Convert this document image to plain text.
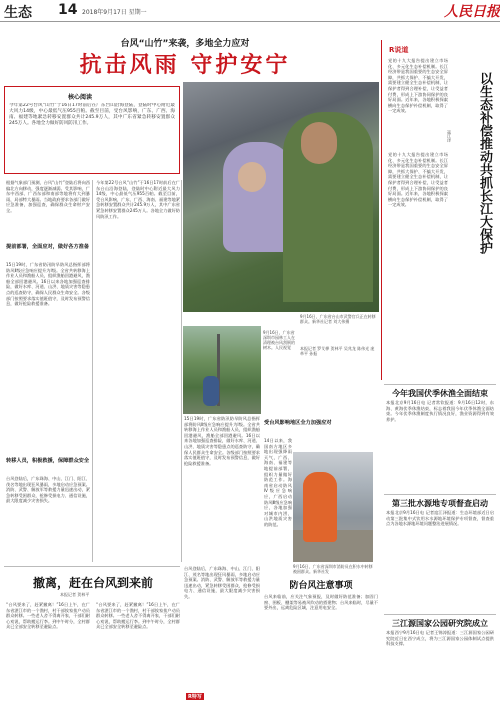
生态 14 2018年9月17日 星期一	人民日报
台风“山竹”来袭，多地全力应对
抗击风雨 守护安宁
核心阅读
今年第22号台风“山竹”于16日17时前后在广东台山沿海登陆，登陆时中心附近最大风力14级，中心最低气压955百帕。截至目前，受台风影响，广东、广西、海南、福建等地紧急转移安置群众共计245.9万人，其中广东省紧急转移安置群众245万人。各地全力做好防风防汛工作。
根据气象部门预测，台风“山竹”登陆后将向西偏北方向移动，强度逐渐减弱。受其影响，广东中西部、广西东部和南部等地将有大到暴雨，局部特大暴雨。当地政府要求各部门做好应急准备，加强巡查，确保群众生命财产安全。
提前部署，全面应对，做好各方准备
15日19时，广东省防汛防旱防风总指挥部将防风Ⅱ级应急响应提升为Ⅰ级。全省共转移海上作业人员和渔船人员，组织渔船回港避风，渔船全部回港避风。16日以来各地加强巡查排险，做好水库、河道、山洪、地质灾害等隐患点的巡查防守，确保人民群众生命安全。各级部门按照要求落实值班值守，及时发布预警信息，做好抢险救援准备。
转移人员，积极救援，保障群众安全
台风登陆后，广东珠海、中山、江门、阳江、茂名等地出现狂风暴雨，多地启动应急预案。消防、武警、解放军等救援力量迅速出动，紧急转移受困群众，抢修受损电力、通信设施，最大限度减少灾害损失。
今年第22号台风“山竹”于16日17时前后在广东台山沿海登陆，登陆时中心附近最大风力14级，中心最低气压955百帕。截至目前，受台风影响，广东、广西、海南、福建等地紧急转移安置群众共计245.9万人，其中广东省紧急转移安置群众245万人。各地全力做好防风防汛工作。
15日19时，广东省防汛防旱防风总指挥部将防风Ⅱ级应急响应提升为Ⅰ级。全省共转移海上作业人员和渔船人员，组织渔船回港避风，渔船全部回港避风。16日以来各地加强巡查排险，做好水库、河道、山洪、地质灾害等隐患点的巡查防守，确保人民群众生命安全。各级部门按照要求落实值班值守，及时发布预警信息，做好抢险救援准备。
9月16日，广东省台山市武警官兵正在转移群众。新华社记者 刘大伟摄
本报记者 罗艾桦 贺林平 吴兆龙 陈伟光 庞革平 孙振
9月16日，广东省深圳市园林工人在清理被台风刮倒的树木。人民视觉
受台风影响地区全力加强应对
14日以来，我国南方地区多地出现强降雨天气，广西、海南、福建等地提前部署，组织力量做好防范工作。海南省启动防风Ⅳ级应急响应，广西启动防风Ⅲ级应急响应，各地加强对城市内涝、山洪地质灾害的防范。
9月16日，广东省深圳市消防员在积水中转移被困群众。新华社发
R说道
以生态补偿推动共抓长江大保护
寇江泽
党的十九大报告提出建立市场化、多元化生态补偿机制。长江经济带是我国重要的生态安全屏障，共抓大保护、不搞大开发，需要建立健全生态补偿机制，让保护者得到合理补偿，让受益者付费，形成上下游协同保护的良好局面。近年来，各地积极探索横向生态保护补偿机制，取得了一定成效。
党的十九大报告提出建立市场化、多元化生态补偿机制。长江经济带是我国重要的生态安全屏障，共抓大保护、不搞大开发，需要建立健全生态补偿机制，让保护者得到合理补偿，让受益者付费，形成上下游协同保护的良好局面。近年来，各地积极探索横向生态保护补偿机制，取得了一定成效。
今年我国伏季休渔全面结束
本报北京9月16日电 记者常钦报道：9月16日12时，东海、黄海伏季休渔结束，标志着我国今年伏季休渔全面结束。今年伏季休渔制度执行情况良好，渔业资源得到有效养护。
第三批水源地专项督查启动
本报北京9月16日电 记者寇江泽报道：生态环境部近日启动第三批集中式饮用水水源地环境保护专项督查，督查重点为各地水源地环境问题整治进展情况。
三江源国家公园研究院成立
本报西宁9月16日电 记者王锦涛报道：三江源国家公园研究院近日在西宁成立，将为三江源国家公园体制试点提供科技支撑。
撤离，赶在台风到来前
本报记者 贺林平
“台风要来了，赶紧撤离！”16日上午，在广东省湛江市的一个渔村，村干部挨家挨户动员群众转移。一些老人舍不得离开家，干部们耐心劝说，帮助搬运行李。到中午时分，全村群众已全部安全转移至避险点。
“台风要来了，赶紧撤离！”16日上午，在广东省湛江市的一个渔村，村干部挨家挨户动员群众转移。一些老人舍不得离开家，干部们耐心劝说，帮助搬运行李。到中午时分，全村群众已全部安全转移至避险点。
R特写
防台风注意事项
台风来临前，应关注气象预报，及时做好防范准备；加固门窗、围板、棚架等易被风吹动的搭建物；台风来临时，尽量不要外出，远离危险区域，注意用电安全。
台风登陆后，广东珠海、中山、江门、阳江、茂名等地出现狂风暴雨，多地启动应急预案。消防、武警、解放军等救援力量迅速出动，紧急转移受困群众，抢修受损电力、通信设施，最大限度减少灾害损失。
